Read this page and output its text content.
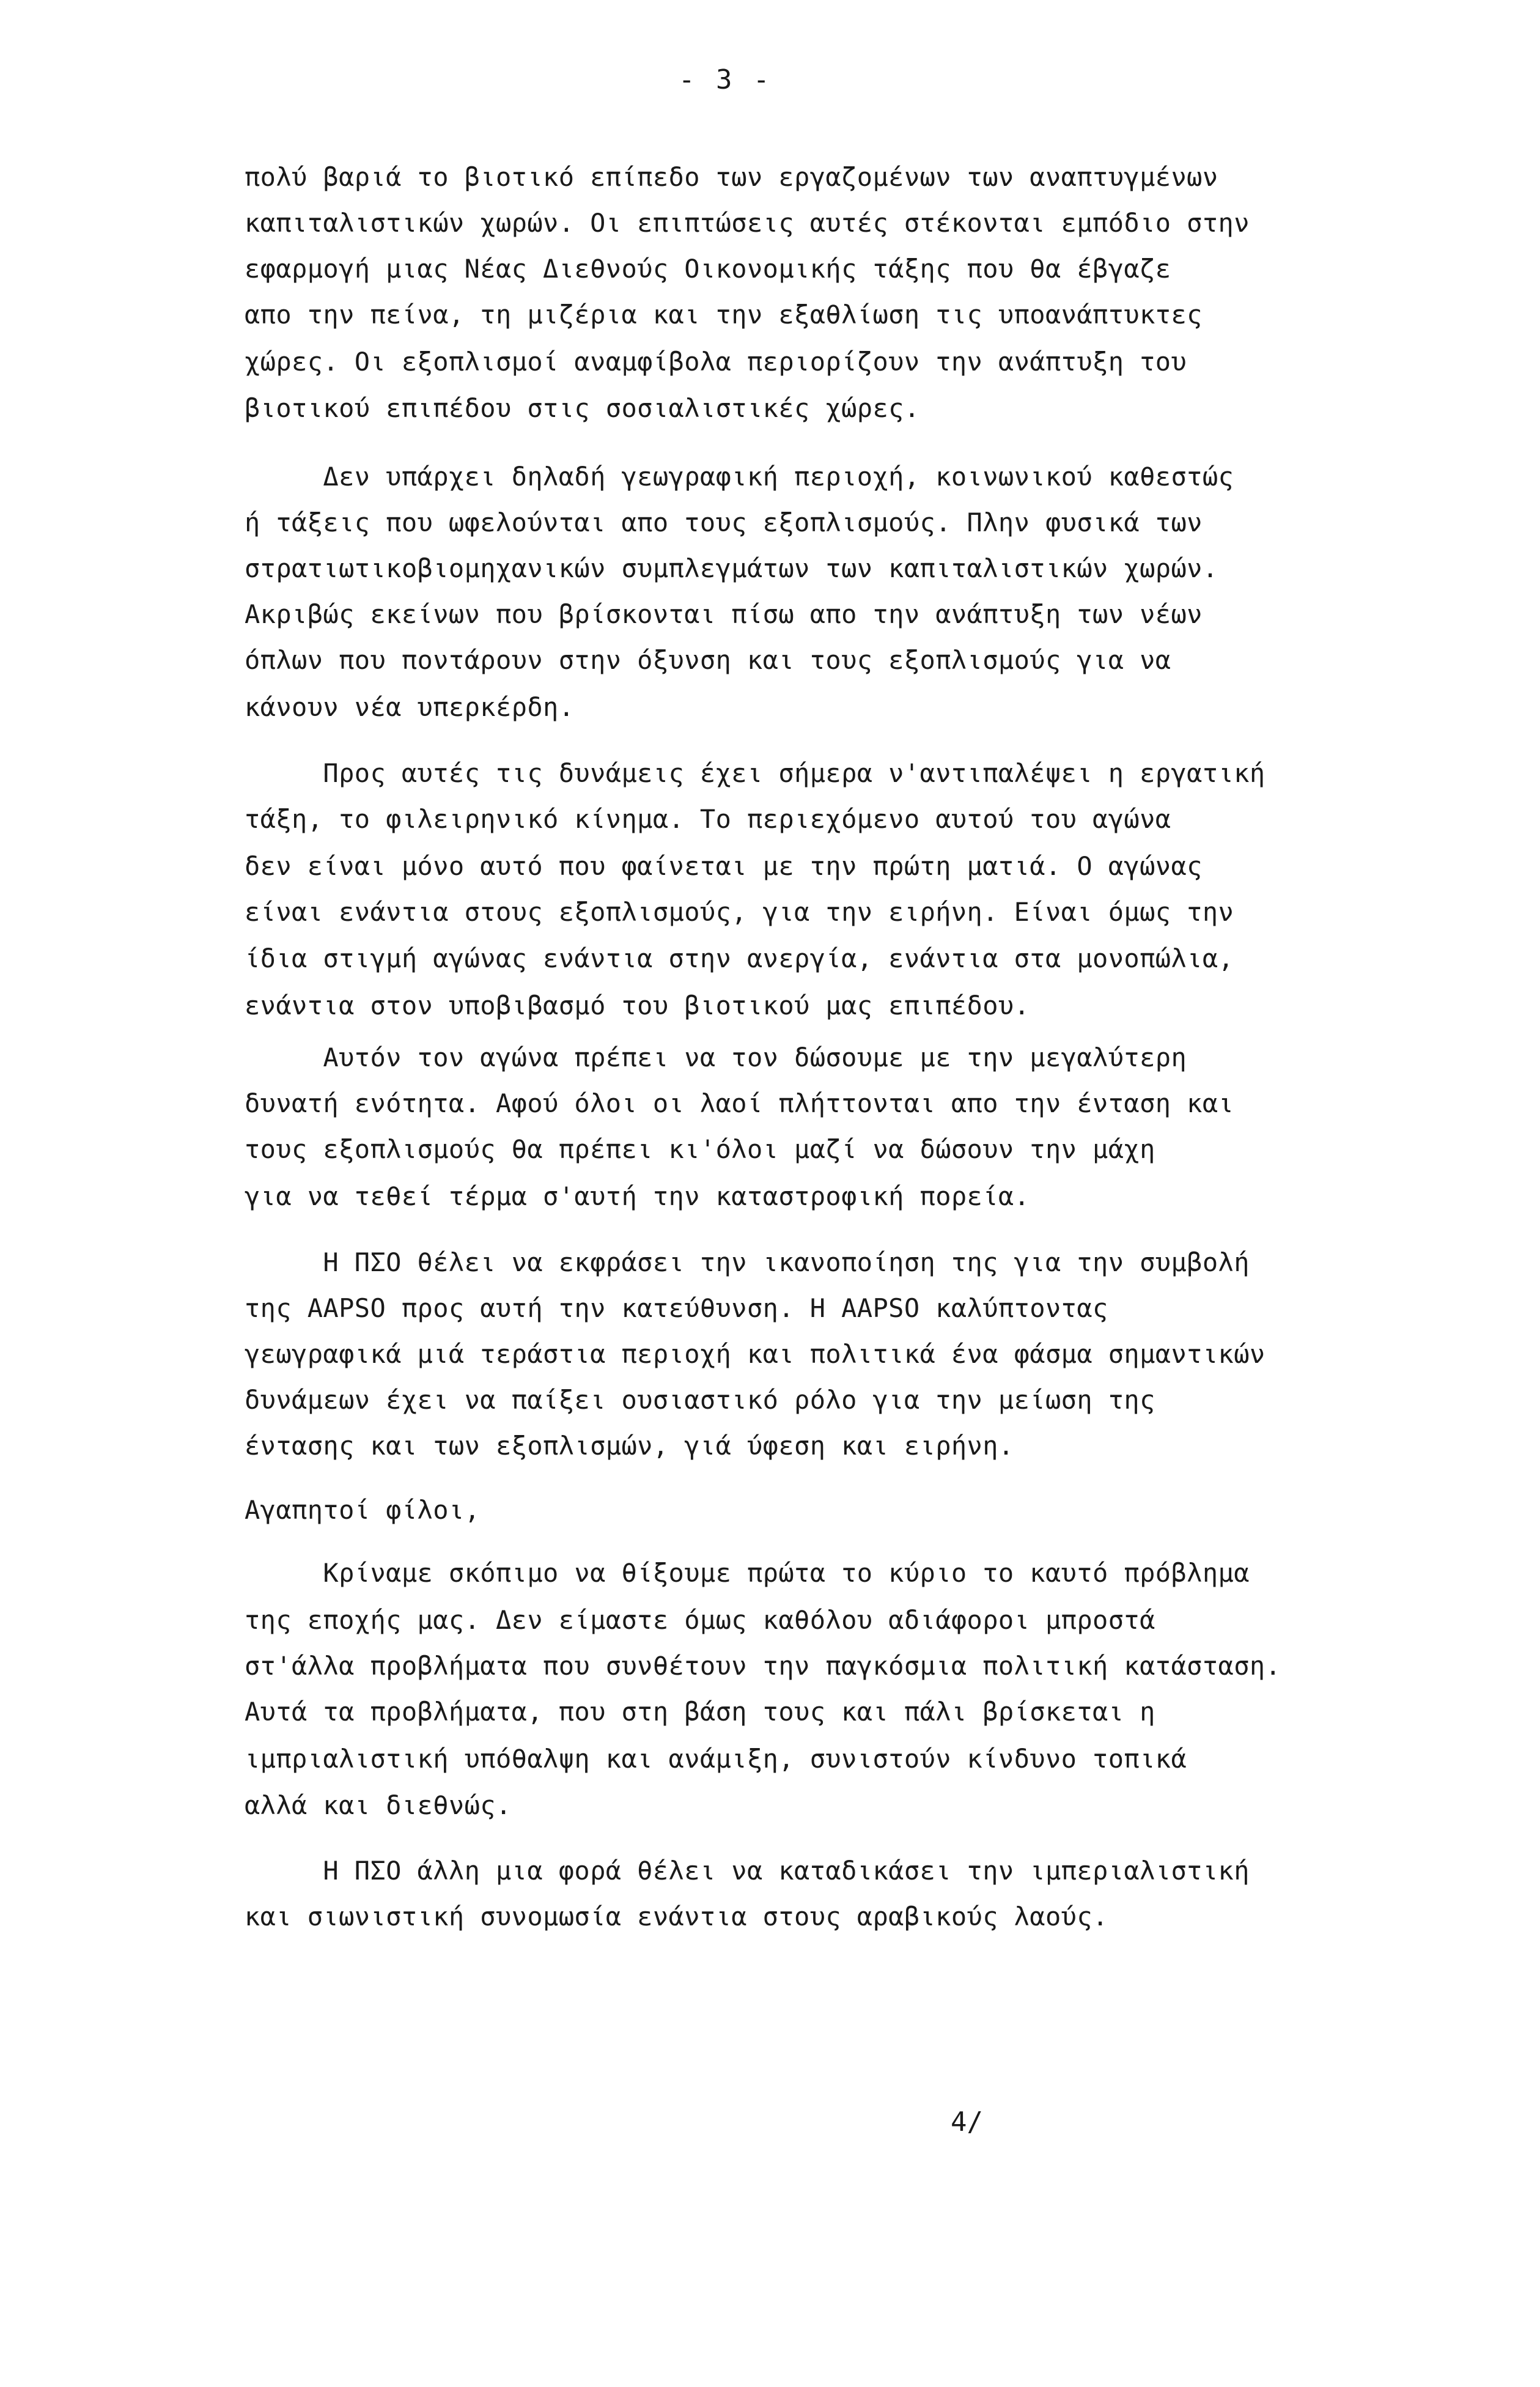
- 3 -
πολύ βαριά το βιοτικό επίπεδο των εργαζομένων των αναπτυγμένων
καπιταλιστικών χωρών. Οι επιπτώσεις αυτές στέκονται εμπόδιο στην
εφαρμογή μιας Νέας Διεθνούς Οικονομικής τάξης που θα έβγαζε
απο την πείνα, τη μιζέρια και την εξαθλίωση τις υποανάπτυκτες
χώρες. Οι εξοπλισμοί αναμφίβολα περιορίζουν την ανάπτυξη του
βιοτικού επιπέδου στις σοσιαλιστικές χώρες.
Δεν υπάρχει δηλαδή γεωγραφική περιοχή, κοινωνικού καθεστώς
ή τάξεις που ωφελούνται απο τους εξοπλισμούς. Πλην φυσικά των
στρατιωτικοβιομηχανικών συμπλεγμάτων των καπιταλιστικών χωρών.
Ακριβώς εκείνων που βρίσκονται πίσω απο την ανάπτυξη των νέων
όπλων που ποντάρουν στην όξυνση και τους εξοπλισμούς για να
κάνουν νέα υπερκέρδη.
Προς αυτές τις δυνάμεις έχει σήμερα ν'αντιπαλέψει η εργατική
τάξη, το φιλειρηνικό κίνημα. Το περιεχόμενο αυτού του αγώνα
δεν είναι μόνο αυτό που φαίνεται με την πρώτη ματιά. Ο αγώνας
είναι ενάντια στους εξοπλισμούς, για την ειρήνη. Είναι όμως την
ίδια στιγμή αγώνας ενάντια στην ανεργία, ενάντια στα μονοπώλια,
ενάντια στον υποβιβασμό του βιοτικού μας επιπέδου.
Αυτόν τον αγώνα πρέπει να τον δώσουμε με την μεγαλύτερη
δυνατή ενότητα. Αφού όλοι οι λαοί πλήττονται απο την ένταση και
τους εξοπλισμούς θα πρέπει κι'όλοι μαζί να δώσουν την μάχη
για να τεθεί τέρμα σ'αυτή την καταστροφική πορεία.
Η ΠΣΟ θέλει να εκφράσει την ικανοποίηση της για την συμβολή
της AAPSO προς αυτή την κατεύθυνση. Η AAPSO καλύπτοντας
γεωγραφικά μιά τεράστια περιοχή και πολιτικά ένα φάσμα σημαντικών
δυνάμεων έχει να παίξει ουσιαστικό ρόλο για την μείωση της
έντασης και των εξοπλισμών, γιά ύφεση και ειρήνη.
Αγαπητοί φίλοι,
Κρίναμε σκόπιμο να θίξουμε πρώτα το κύριο το καυτό πρόβλημα
της εποχής μας. Δεν είμαστε όμως καθόλου αδιάφοροι μπροστά
στ'άλλα προβλήματα που συνθέτουν την παγκόσμια πολιτική κατάσταση.
Αυτά τα προβλήματα, που στη βάση τους και πάλι βρίσκεται η
ιμπριαλιστική υπόθαλψη και ανάμιξη, συνιστούν κίνδυνο τοπικά
αλλά και διεθνώς.
Η ΠΣΟ άλλη μια φορά θέλει να καταδικάσει την ιμπεριαλιστική
και σιωνιστική συνομωσία ενάντια στους αραβικούς λαούς.
4/
